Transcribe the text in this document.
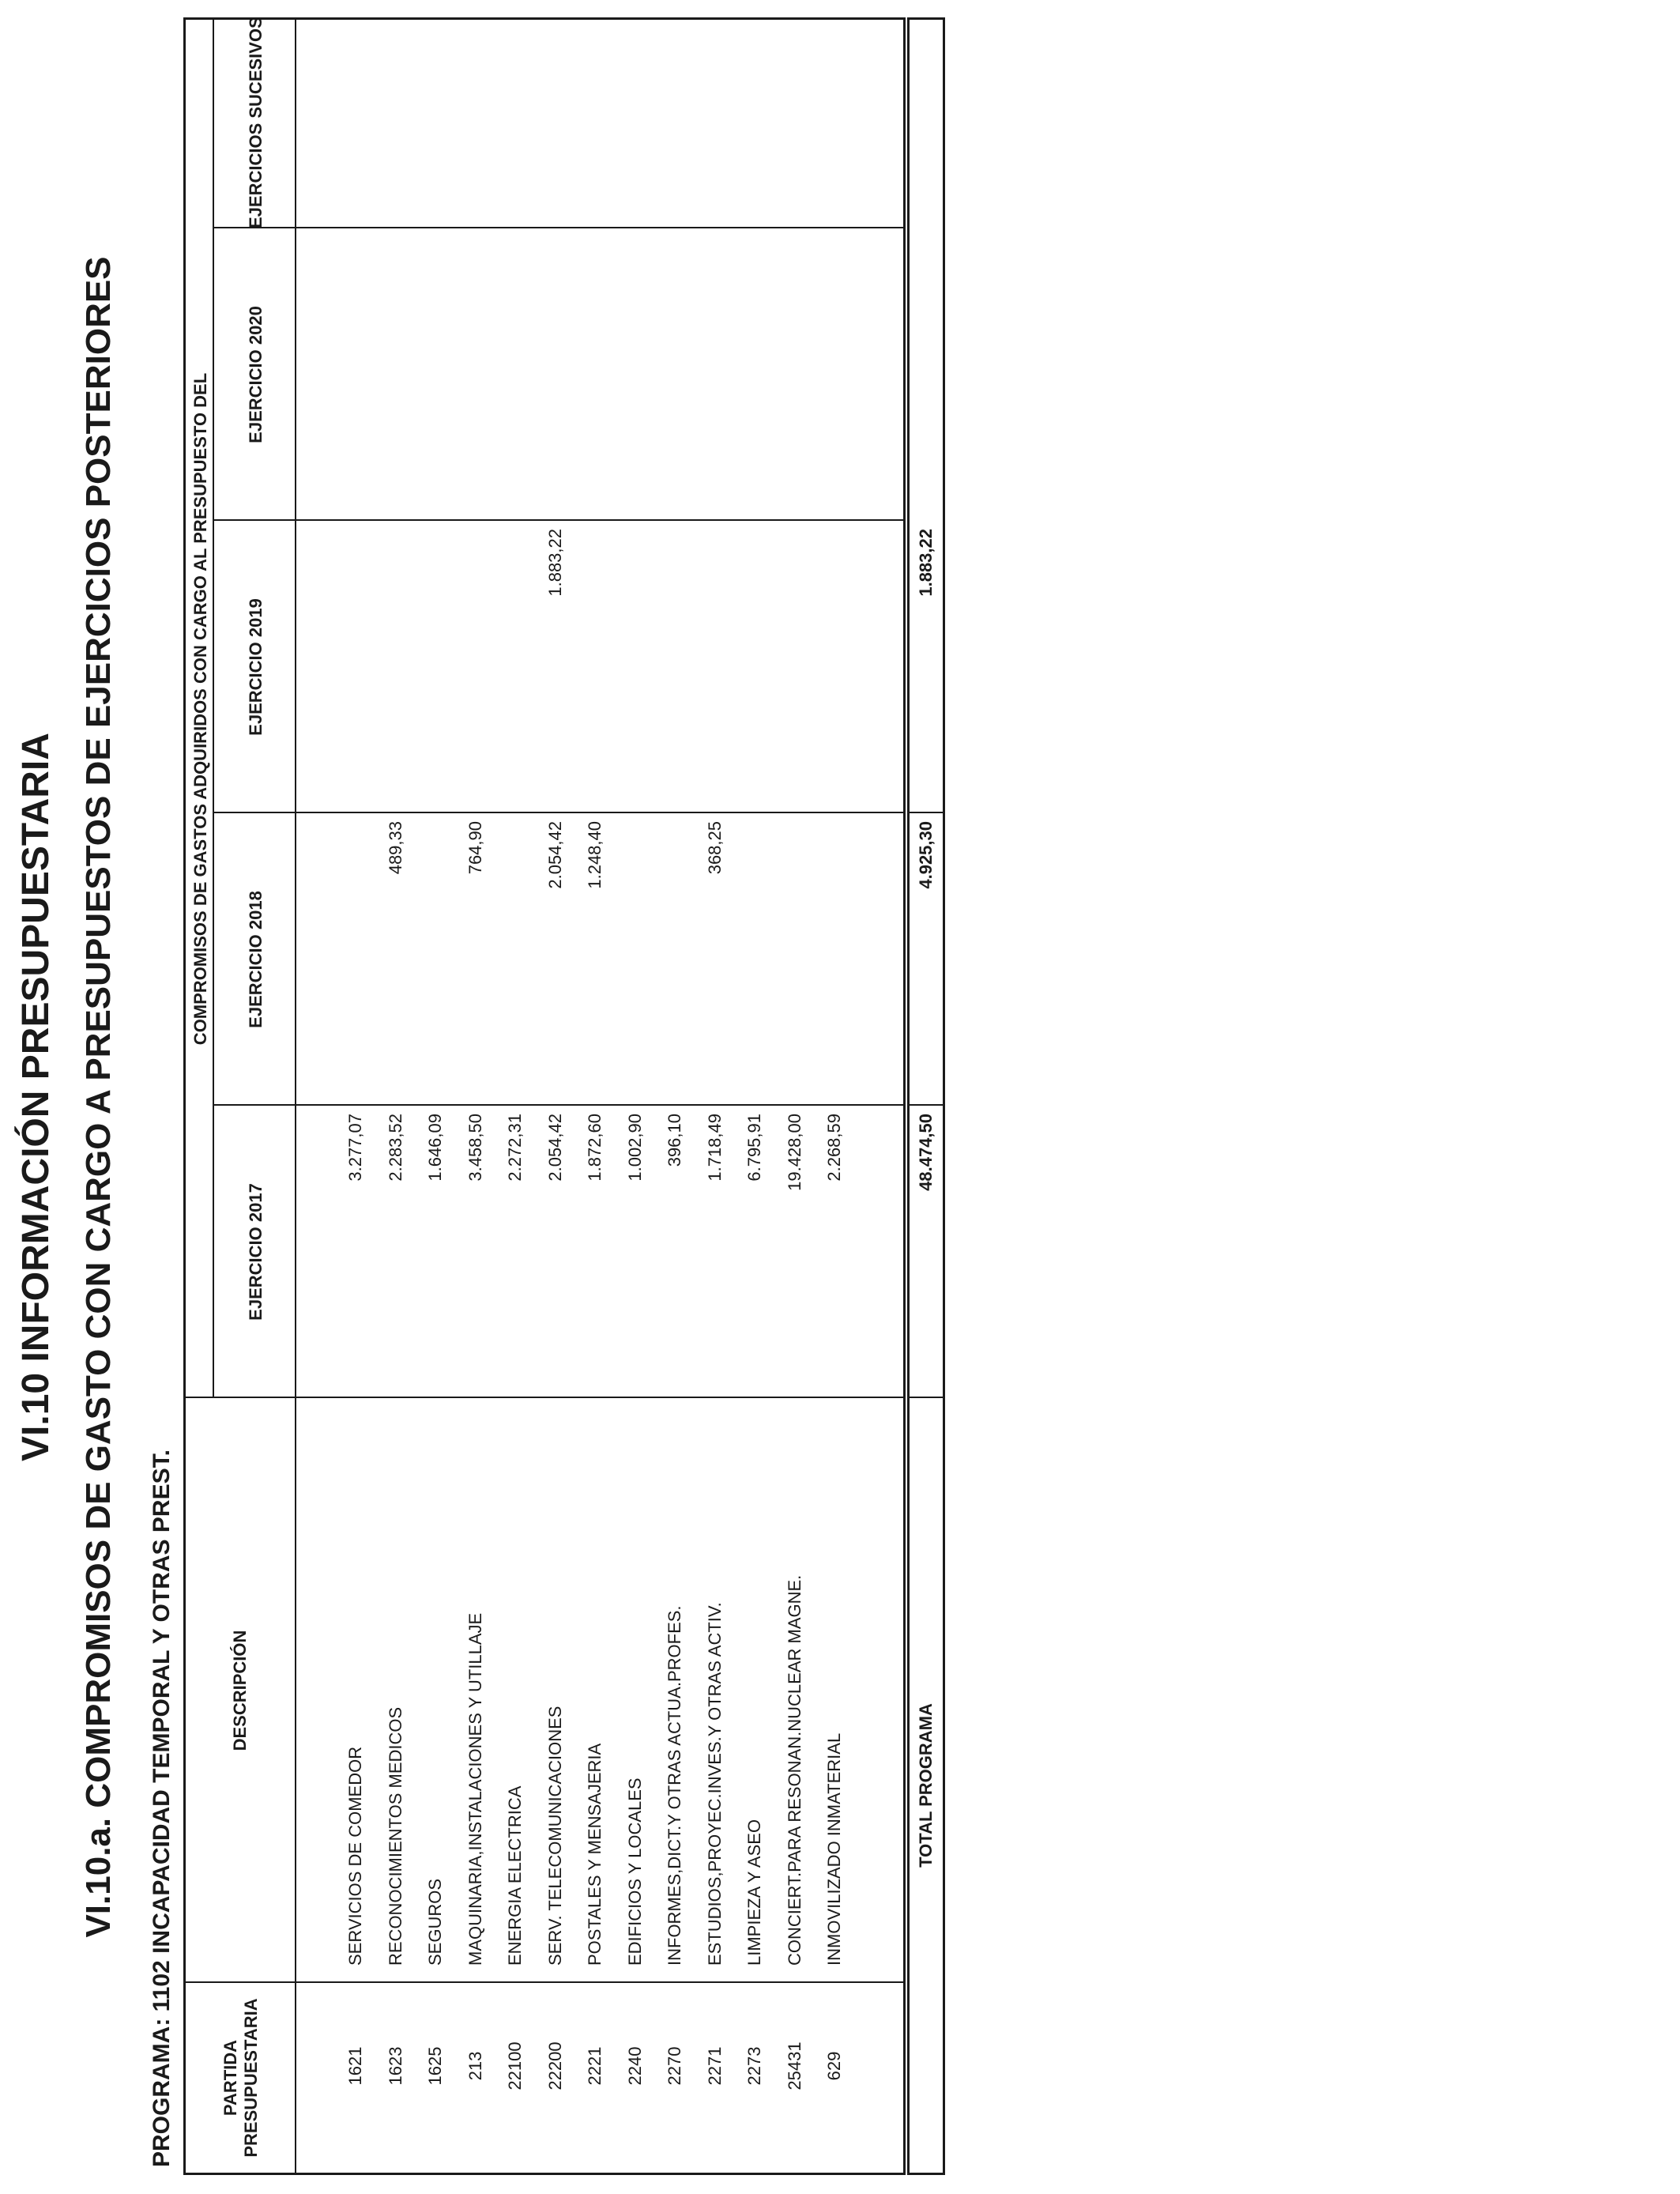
VI.10 INFORMACIÓN PRESUPUESTARIA VI.10.a. COMPROMISOS DE GASTO CON CARGO A PRESUPUESTOS DE EJERCICIOS POSTERIORES PROGRAMA: 1102 INCAPACIDAD TEMPORAL Y OTRAS PREST.	PARTIDA PRESUPUESTARIA
DESCRIPCIÓN
COMPROMISOS DE GASTOS ADQUIRIDOS CON CARGO AL PRESUPUESTO DEL
EJERCICIO 2017
EJERCICIO 2018
EJERCICIO 2019
EJERCICIO 2020
EJERCICIOS SUCESIVOS
1621
SERVICIOS DE COMEDOR
3.277,07
1623
RECONOCIMIENTOS MEDICOS
2.283,52
489,33
1625
SEGUROS
1.646,09
213
MAQUINARIA,INSTALACIONES Y UTILLAJE
3.458,50
764,90
22100
ENERGIA ELECTRICA
2.272,31
22200
SERV. TELECOMUNICACIONES
2.054,42
2.054,42
1.883,22
2221
POSTALES Y MENSAJERIA
1.872,60
1.248,40
2240
EDIFICIOS Y LOCALES
1.002,90
2270
INFORMES,DICT.Y OTRAS ACTUA.PROFES.
396,10
2271
ESTUDIOS,PROYEC.INVES.Y OTRAS ACTIV.
1.718,49
368,25
2273
LIMPIEZA Y ASEO
6.795,91
25431
CONCIERT.PARA RESONAN.NUCLEAR MAGNE.
19.428,00
629
INMOVILIZADO INMATERIAL
2.268,59
TOTAL PROGRAMA
48.474,50
4.925,30
1.883,22
